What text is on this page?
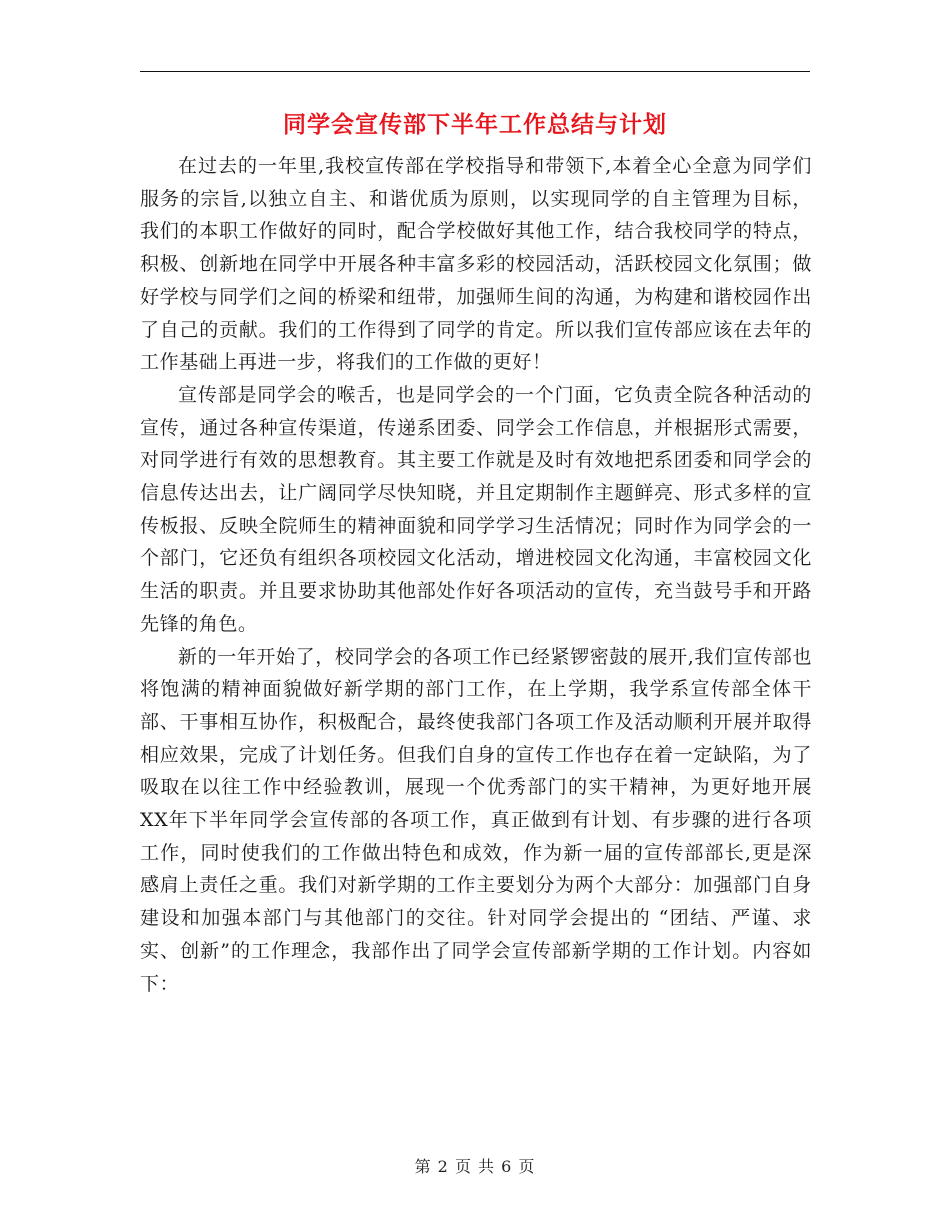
同学会宣传部下半年工作总结与计划

在过去的一年里,我校宣传部在学校指导和带领下,本着全心全意为同学们服务的宗旨,以独立自主、和谐优质为原则，以实现同学的自主管理为目标，我们的本职工作做好的同时，配合学校做好其他工作，结合我校同学的特点，积极、创新地在同学中开展各种丰富多彩的校园活动，活跃校园文化氛围；做好学校与同学们之间的桥梁和纽带，加强师生间的沟通，为构建和谐校园作出了自己的贡献。我们的工作得到了同学的肯定。所以我们宣传部应该在去年的工作基础上再进一步，将我们的工作做的更好！

宣传部是同学会的喉舌，也是同学会的一个门面，它负责全院各种活动的宣传，通过各种宣传渠道，传递系团委、同学会工作信息，并根据形式需要，对同学进行有效的思想教育。其主要工作就是及时有效地把系团委和同学会的信息传达出去，让广阔同学尽快知晓，并且定期制作主题鲜亮、形式多样的宣传板报、反映全院师生的精神面貌和同学学习生活情况；同时作为同学会的一个部门，它还负有组织各项校园文化活动，增进校园文化沟通，丰富校园文化生活的职责。并且要求协助其他部处作好各项活动的宣传，充当鼓号手和开路先锋的角色。

新的一年开始了，校同学会的各项工作已经紧锣密鼓的展开,我们宣传部也将饱满的精神面貌做好新学期的部门工作，在上学期，我学系宣传部全体干部、干事相互协作，积极配合，最终使我部门各项工作及活动顺利开展并取得相应效果，完成了计划任务。但我们自身的宣传工作也存在着一定缺陷，为了吸取在以往工作中经验教训，展现一个优秀部门的实干精神，为更好地开展XX年下半年同学会宣传部的各项工作，真正做到有计划、有步骤的进行各项工作，同时使我们的工作做出特色和成效，作为新一届的宣传部部长,更是深感肩上责任之重。我们对新学期的工作主要划分为两个大部分：加强部门自身建设和加强本部门与其他部门的交往。针对同学会提出的 “团结、严谨、求实、创新”的工作理念，我部作出了同学会宣传部新学期的工作计划。内容如下：

第 2 页 共 6 页
